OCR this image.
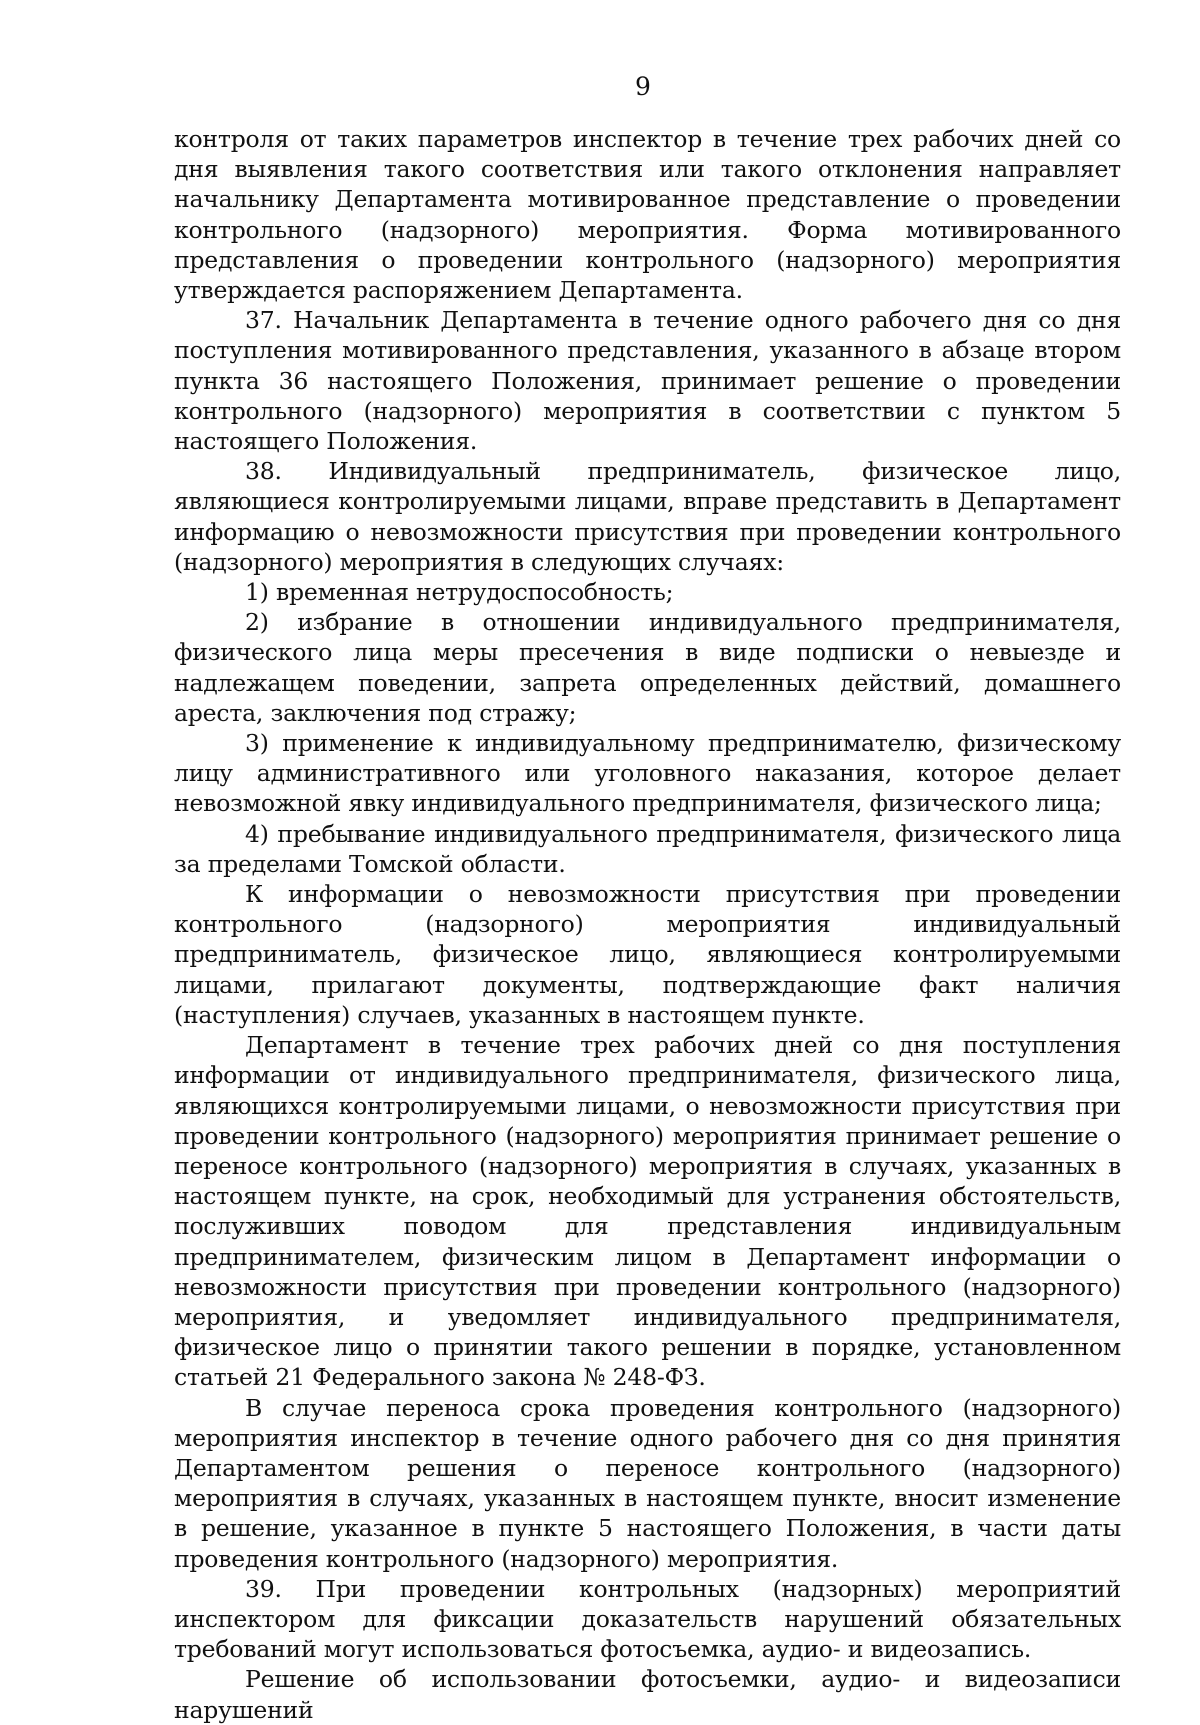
9

контроля от таких параметров инспектор в течение трех рабочих дней со дня выявления такого соответствия или такого отклонения направляет начальнику Департамента мотивированное представление о проведении контрольного (надзорного) мероприятия. Форма мотивированного представления о проведении контрольного (надзорного) мероприятия утверждается распоряжением Департамента.

37. Начальник Департамента в течение одного рабочего дня со дня поступления мотивированного представления, указанного в абзаце втором пункта 36 настоящего Положения, принимает решение о проведении контрольного (надзорного) мероприятия в соответствии с пунктом 5 настоящего Положения.

38. Индивидуальный предприниматель, физическое лицо, являющиеся контролируемыми лицами, вправе представить в Департамент информацию о невозможности присутствия при проведении контрольного (надзорного) мероприятия в следующих случаях:

1) временная нетрудоспособность;

2) избрание в отношении индивидуального предпринимателя, физического лица меры пресечения в виде подписки о невыезде и надлежащем поведении, запрета определенных действий, домашнего ареста, заключения под стражу;

3) применение к индивидуальному предпринимателю, физическому лицу административного или уголовного наказания, которое делает невозможной явку индивидуального предпринимателя, физического лица;

4) пребывание индивидуального предпринимателя, физического лица за пределами Томской области.

К информации о невозможности присутствия при проведении контрольного (надзорного) мероприятия индивидуальный предприниматель, физическое лицо, являющиеся контролируемыми лицами, прилагают документы, подтверждающие факт наличия (наступления) случаев, указанных в настоящем пункте.

Департамент в течение трех рабочих дней со дня поступления информации от индивидуального предпринимателя, физического лица, являющихся контролируемыми лицами, о невозможности присутствия при проведении контрольного (надзорного) мероприятия принимает решение о переносе контрольного (надзорного) мероприятия в случаях, указанных в настоящем пункте, на срок, необходимый для устранения обстоятельств, послуживших поводом для представления индивидуальным предпринимателем, физическим лицом в Департамент информации о невозможности присутствия при проведении контрольного (надзорного) мероприятия, и уведомляет индивидуального предпринимателя, физическое лицо о принятии такого решении в порядке, установленном статьей 21 Федерального закона № 248-ФЗ.

В случае переноса срока проведения контрольного (надзорного) мероприятия инспектор в течение одного рабочего дня со дня принятия Департаментом решения о переносе контрольного (надзорного) мероприятия в случаях, указанных в настоящем пункте, вносит изменение в решение, указанное в пункте 5 настоящего Положения, в части даты проведения контрольного (надзорного) мероприятия.

39. При проведении контрольных (надзорных) мероприятий инспектором для фиксации доказательств нарушений обязательных требований могут использоваться фотосъемка, аудио- и видеозапись.

Решение об использовании фотосъемки, аудио- и видеозаписи нарушений
